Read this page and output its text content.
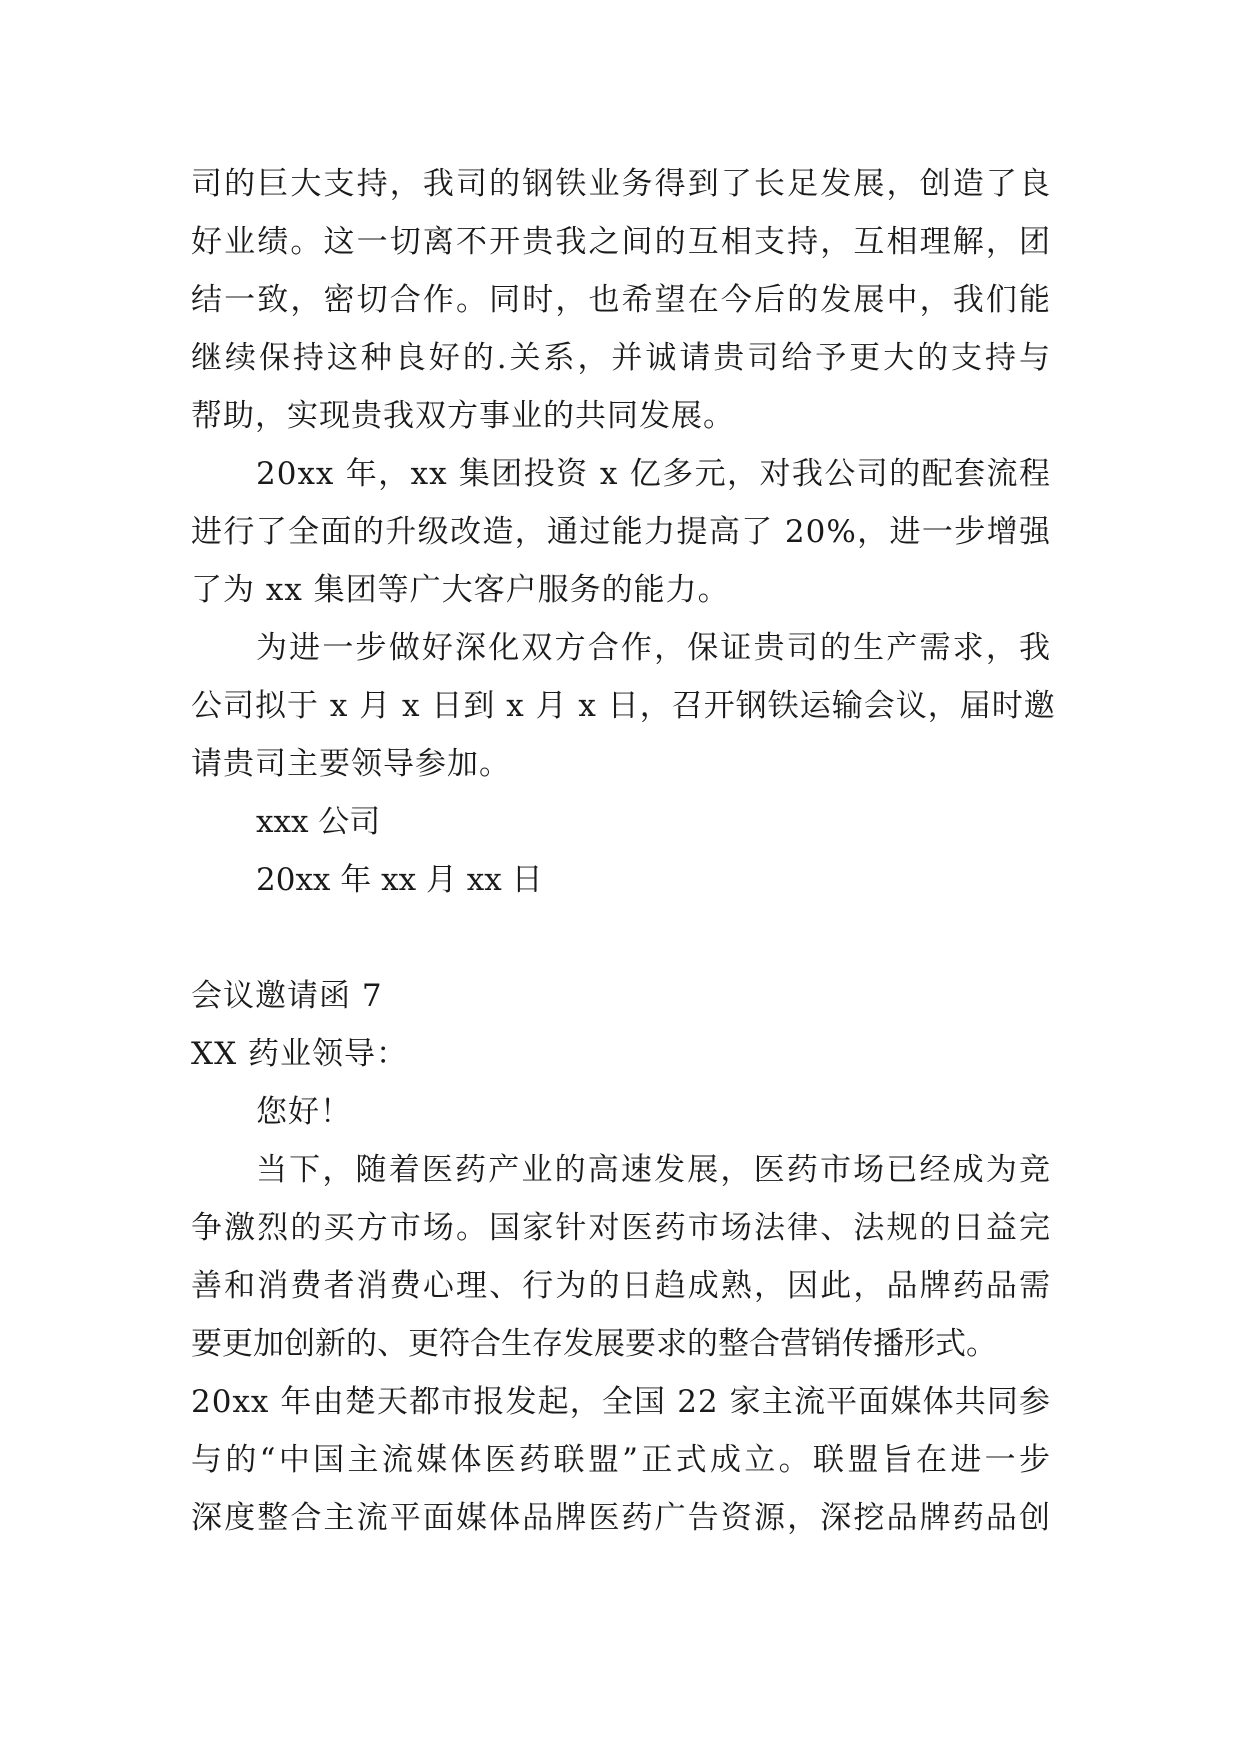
司的巨大支持，我司的钢铁业务得到了长足发展，创造了良
好业绩。这一切离不开贵我之间的互相支持，互相理解，团
结一致，密切合作。同时，也希望在今后的发展中，我们能
继续保持这种良好的.关系，并诚请贵司给予更大的支持与
帮助，实现贵我双方事业的共同发展。
20xx 年，xx 集团投资 x 亿多元，对我公司的配套流程
进行了全面的升级改造，通过能力提高了 20%，进一步增强
了为 xx 集团等广大客户服务的能力。
为进一步做好深化双方合作，保证贵司的生产需求，我
公司拟于 x 月 x 日到 x 月 x 日，召开钢铁运输会议，届时邀
请贵司主要领导参加。
xxx 公司
20xx 年 xx 月 xx 日
会议邀请函 7
XX 药业领导：
您好！
当下，随着医药产业的高速发展，医药市场已经成为竞
争激烈的买方市场。国家针对医药市场法律、法规的日益完
善和消费者消费心理、行为的日趋成熟，因此，品牌药品需
要更加创新的、更符合生存发展要求的整合营销传播形式。
20xx 年由楚天都市报发起，全国 22 家主流平面媒体共同参
与的“中国主流媒体医药联盟”正式成立。联盟旨在进一步
深度整合主流平面媒体品牌医药广告资源，深挖品牌药品创
